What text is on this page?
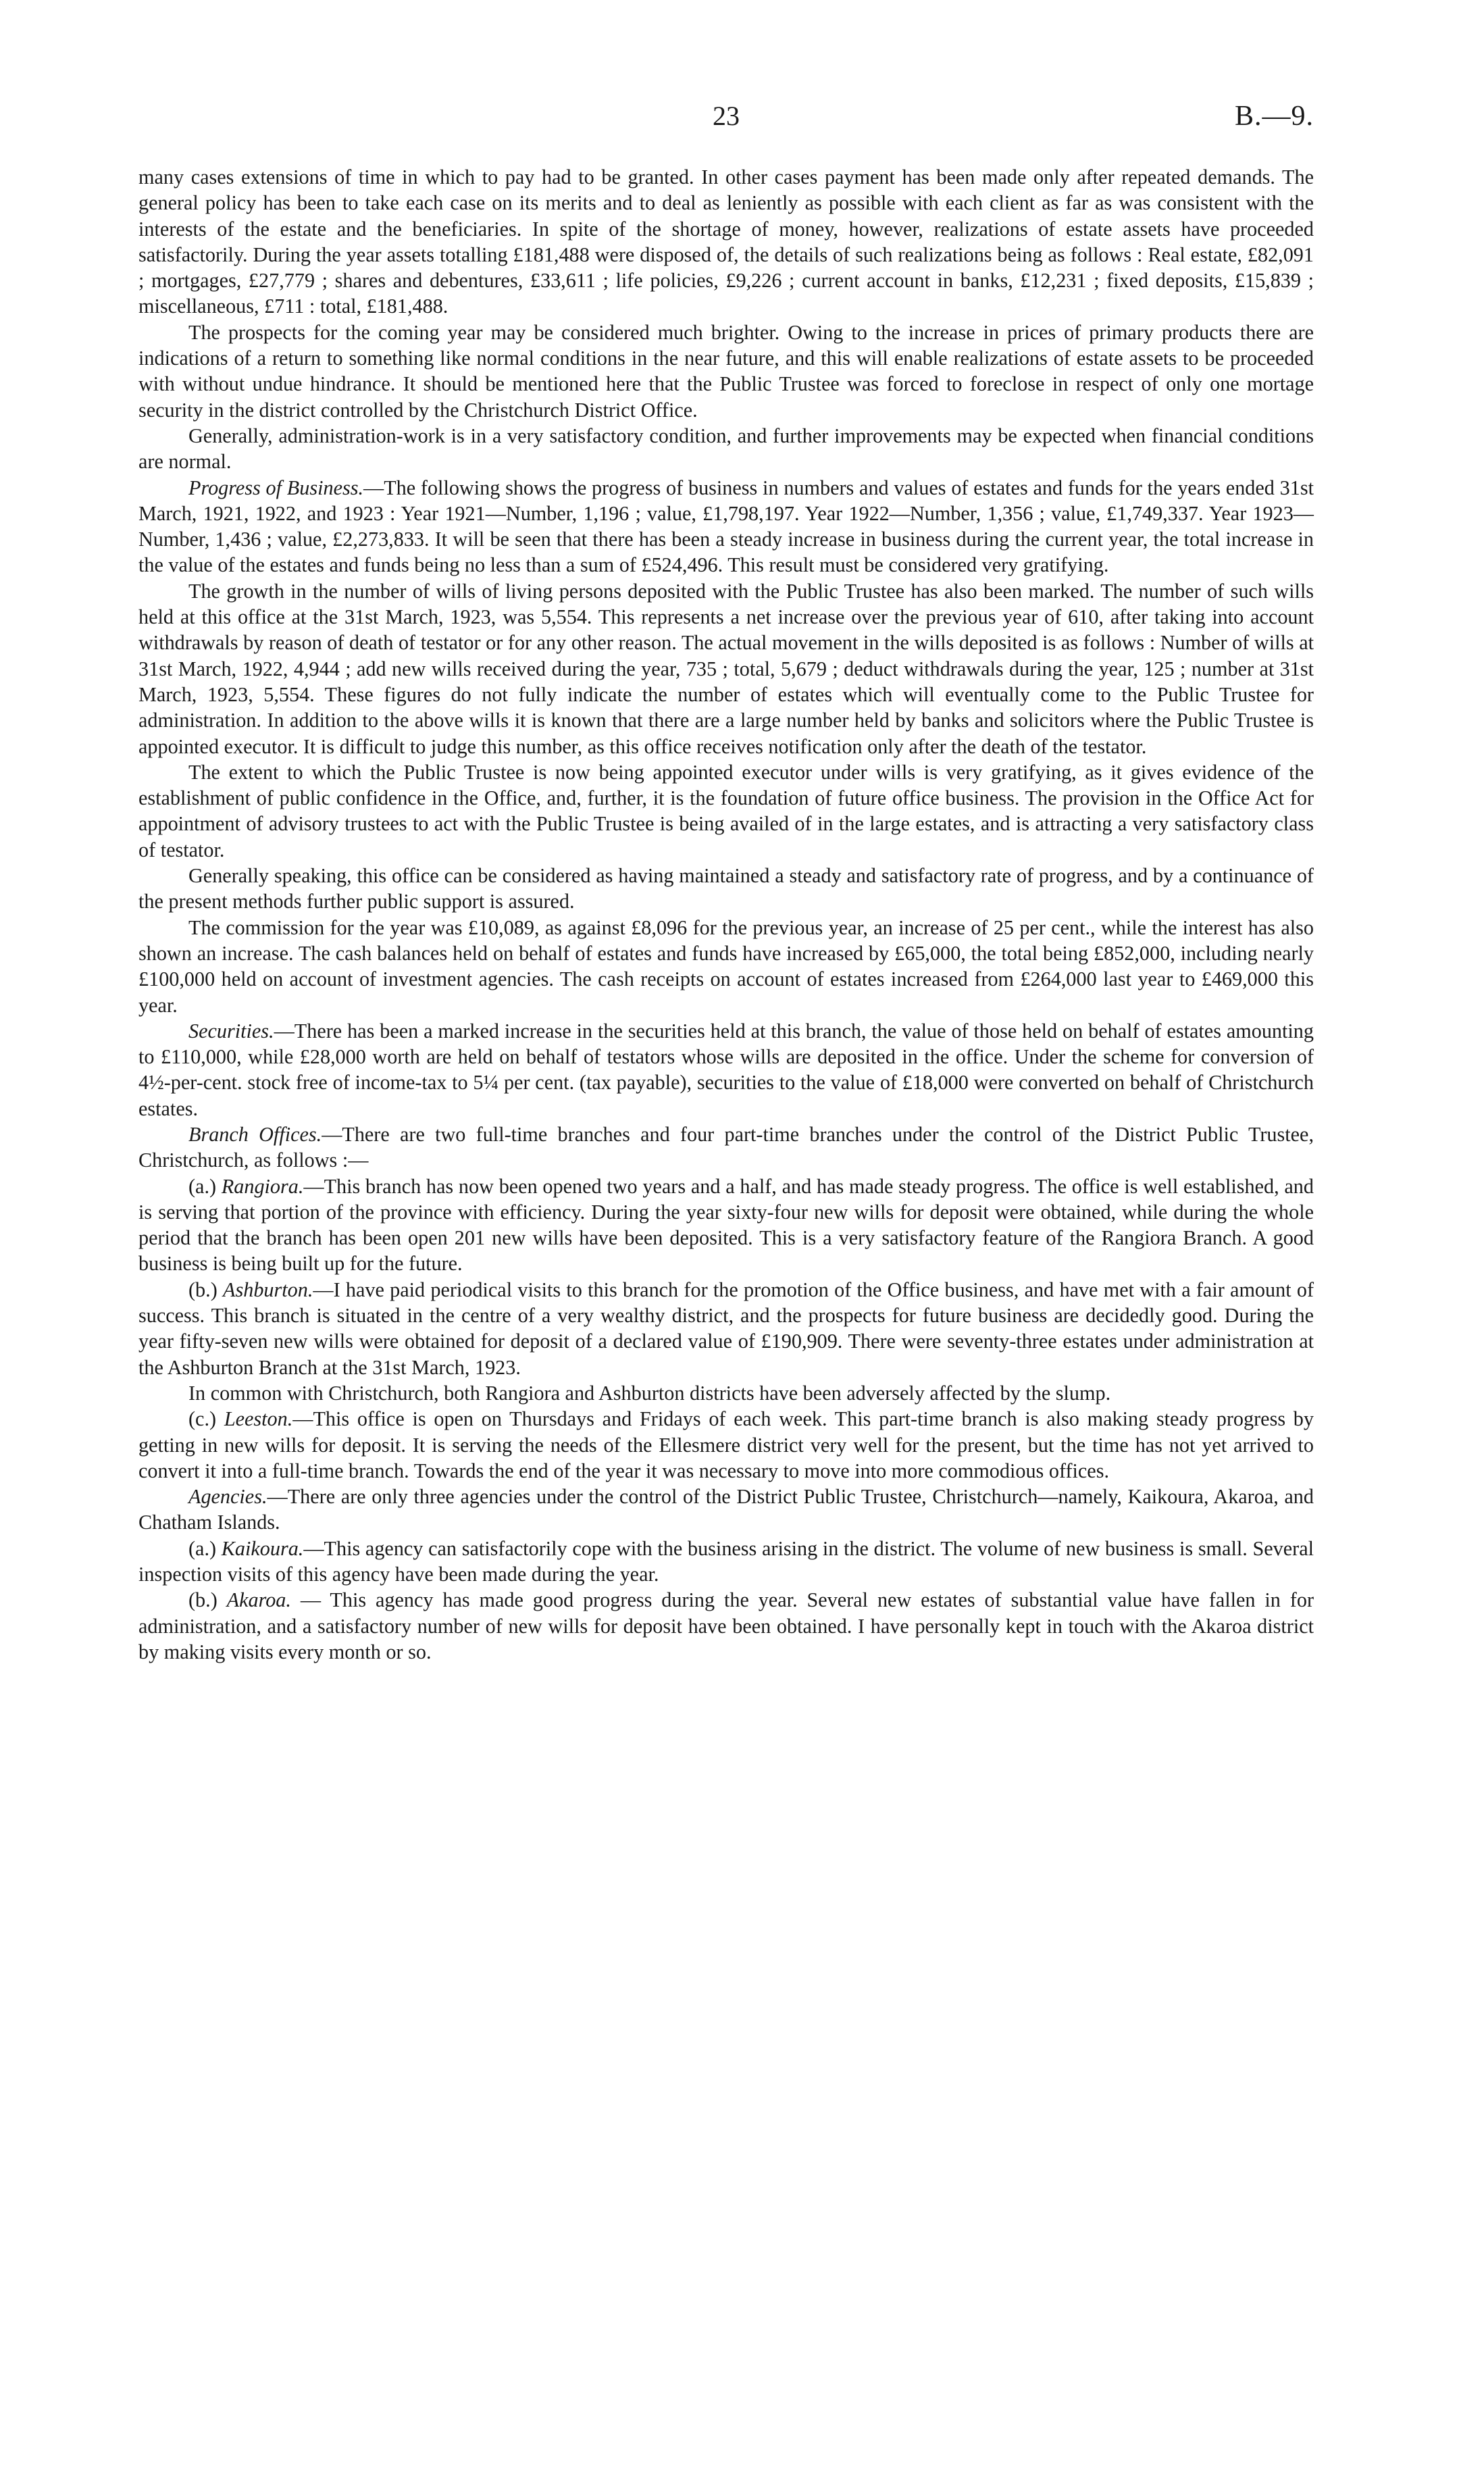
23	B.—9.

many cases extensions of time in which to pay had to be granted. In other cases payment has been made only after repeated demands. The general policy has been to take each case on its merits and to deal as leniently as possible with each client as far as was consistent with the interests of the estate and the beneficiaries. In spite of the shortage of money, however, realizations of estate assets have proceeded satisfactorily. During the year assets totalling £181,488 were disposed of, the details of such realizations being as follows : Real estate, £82,091 ; mortgages, £27,779 ; shares and debentures, £33,611 ; life policies, £9,226 ; current account in banks, £12,231 ; fixed deposits, £15,839 ; miscellaneous, £711 : total, £181,488.

The prospects for the coming year may be considered much brighter. Owing to the increase in prices of primary products there are indications of a return to something like normal conditions in the near future, and this will enable realizations of estate assets to be proceeded with without undue hindrance. It should be mentioned here that the Public Trustee was forced to foreclose in respect of only one mortage security in the district controlled by the Christchurch District Office.

Generally, administration-work is in a very satisfactory condition, and further improvements may be expected when financial conditions are normal.

Progress of Business.—The following shows the progress of business in numbers and values of estates and funds for the years ended 31st March, 1921, 1922, and 1923 : Year 1921—Number, 1,196 ; value, £1,798,197. Year 1922—Number, 1,356 ; value, £1,749,337. Year 1923—Number, 1,436 ; value, £2,273,833. It will be seen that there has been a steady increase in business during the current year, the total increase in the value of the estates and funds being no less than a sum of £524,496. This result must be considered very gratifying.

The growth in the number of wills of living persons deposited with the Public Trustee has also been marked. The number of such wills held at this office at the 31st March, 1923, was 5,554. This represents a net increase over the previous year of 610, after taking into account withdrawals by reason of death of testator or for any other reason. The actual movement in the wills deposited is as follows : Number of wills at 31st March, 1922, 4,944 ; add new wills received during the year, 735 ; total, 5,679 ; deduct withdrawals during the year, 125 ; number at 31st March, 1923, 5,554. These figures do not fully indicate the number of estates which will eventually come to the Public Trustee for administration. In addition to the above wills it is known that there are a large number held by banks and solicitors where the Public Trustee is appointed executor. It is difficult to judge this number, as this office receives notification only after the death of the testator.

The extent to which the Public Trustee is now being appointed executor under wills is very gratifying, as it gives evidence of the establishment of public confidence in the Office, and, further, it is the foundation of future office business. The provision in the Office Act for appointment of advisory trustees to act with the Public Trustee is being availed of in the large estates, and is attracting a very satisfactory class of testator.

Generally speaking, this office can be considered as having maintained a steady and satisfactory rate of progress, and by a continuance of the present methods further public support is assured.

The commission for the year was £10,089, as against £8,096 for the previous year, an increase of 25 per cent., while the interest has also shown an increase. The cash balances held on behalf of estates and funds have increased by £65,000, the total being £852,000, including nearly £100,000 held on account of investment agencies. The cash receipts on account of estates increased from £264,000 last year to £469,000 this year.

Securities.—There has been a marked increase in the securities held at this branch, the value of those held on behalf of estates amounting to £110,000, while £28,000 worth are held on behalf of testators whose wills are deposited in the office. Under the scheme for conversion of 4½-per-cent. stock free of income-tax to 5¼ per cent. (tax payable), securities to the value of £18,000 were converted on behalf of Christchurch estates.

Branch Offices.—There are two full-time branches and four part-time branches under the control of the District Public Trustee, Christchurch, as follows :—

(a.) Rangiora.—This branch has now been opened two years and a half, and has made steady progress. The office is well established, and is serving that portion of the province with efficiency. During the year sixty-four new wills for deposit were obtained, while during the whole period that the branch has been open 201 new wills have been deposited. This is a very satisfactory feature of the Rangiora Branch. A good business is being built up for the future.

(b.) Ashburton.—I have paid periodical visits to this branch for the promotion of the Office business, and have met with a fair amount of success. This branch is situated in the centre of a very wealthy district, and the prospects for future business are decidedly good. During the year fifty-seven new wills were obtained for deposit of a declared value of £190,909. There were seventy-three estates under administration at the Ashburton Branch at the 31st March, 1923.

In common with Christchurch, both Rangiora and Ashburton districts have been adversely affected by the slump.

(c.) Leeston.—This office is open on Thursdays and Fridays of each week. This part-time branch is also making steady progress by getting in new wills for deposit. It is serving the needs of the Ellesmere district very well for the present, but the time has not yet arrived to convert it into a full-time branch. Towards the end of the year it was necessary to move into more commodious offices.

Agencies.—There are only three agencies under the control of the District Public Trustee, Christchurch—namely, Kaikoura, Akaroa, and Chatham Islands.

(a.) Kaikoura.—This agency can satisfactorily cope with the business arising in the district. The volume of new business is small. Several inspection visits of this agency have been made during the year.

(b.) Akaroa. — This agency has made good progress during the year. Several new estates of substantial value have fallen in for administration, and a satisfactory number of new wills for deposit have been obtained. I have personally kept in touch with the Akaroa district by making visits every month or so.
